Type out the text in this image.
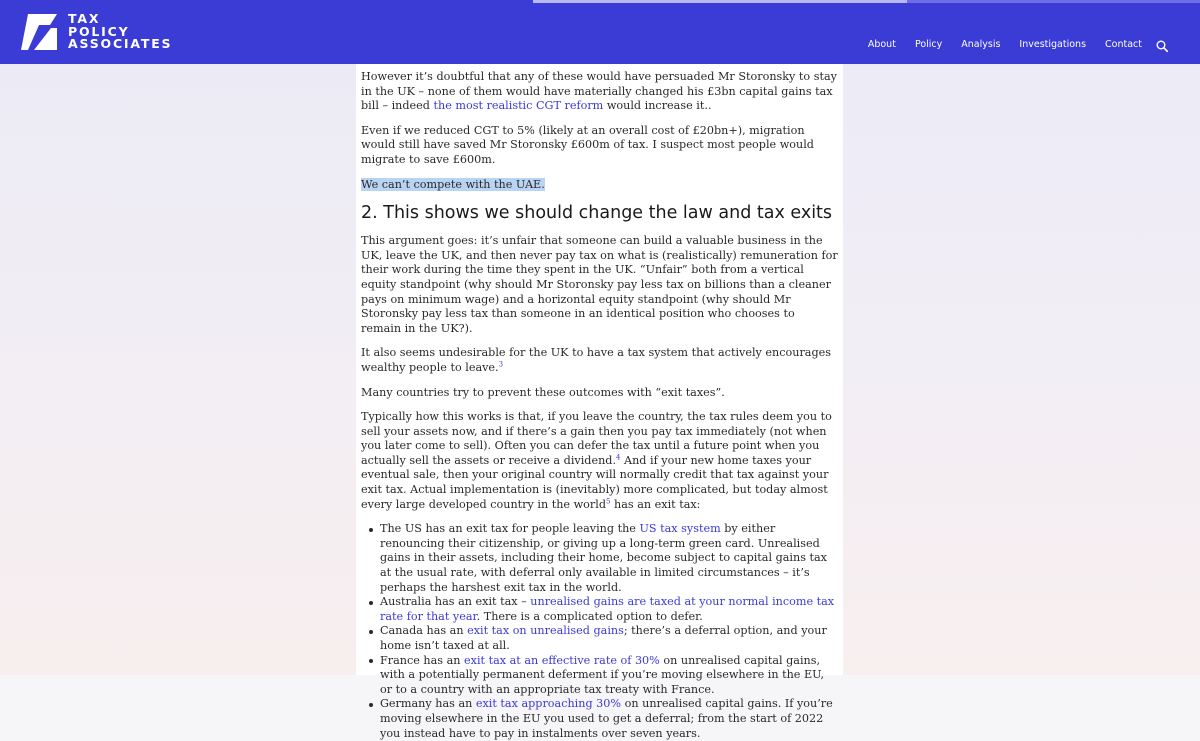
TAX
POLICY
ASSOCIATES	About Policy Analysis Investigations Contact

However it’s doubtful that any of these would have persuaded Mr Storonsky to stay in the UK – none of them would have materially changed his £3bn capital gains tax bill – indeed the most realistic CGT reform would increase it..

Even if we reduced CGT to 5% (likely at an overall cost of £20bn+), migration would still have saved Mr Storonsky £600m of tax. I suspect most people would migrate to save £600m.

We can’t compete with the UAE.

2. This shows we should change the law and tax exits

This argument goes: it’s unfair that someone can build a valuable business in the UK, leave the UK, and then never pay tax on what is (realistically) remuneration for their work during the time they spent in the UK. “Unfair” both from a vertical equity standpoint (why should Mr Storonsky pay less tax on billions than a cleaner pays on minimum wage) and a horizontal equity standpoint (why should Mr Storonsky pay less tax than someone in an identical position who chooses to remain in the UK?).

It also seems undesirable for the UK to have a tax system that actively encourages wealthy people to leave.$^3$

Many countries try to prevent these outcomes with “exit taxes”.

Typically how this works is that, if you leave the country, the tax rules deem you to sell your assets now, and if there’s a gain then you pay tax immediately (not when you later come to sell). Often you can defer the tax until a future point when you actually sell the assets or receive a dividend.$^4$ And if your new home taxes your eventual sale, then your original country will normally credit that tax against your exit tax. Actual implementation is (inevitably) more complicated, but today almost every large developed country in the world$^5$ has an exit tax:

The US has an exit tax for people leaving the US tax system by either renouncing their citizenship, or giving up a long-term green card. Unrealised gains in their assets, including their home, become subject to capital gains tax at the usual rate, with deferral only available in limited circumstances – it’s perhaps the harshest exit tax in the world.
Australia has an exit tax – unrealised gains are taxed at your normal income tax rate for that year. There is a complicated option to defer.
Canada has an exit tax on unrealised gains; there’s a deferral option, and your home isn’t taxed at all.
France has an exit tax at an effective rate of 30% on unrealised capital gains, with a potentially permanent deferment if you’re moving elsewhere in the EU, or to a country with an appropriate tax treaty with France.
Germany has an exit tax approaching 30% on unrealised capital gains. If you’re moving elsewhere in the EU you used to get a deferral; from the start of 2022 you instead have to pay in instalments over seven years.
